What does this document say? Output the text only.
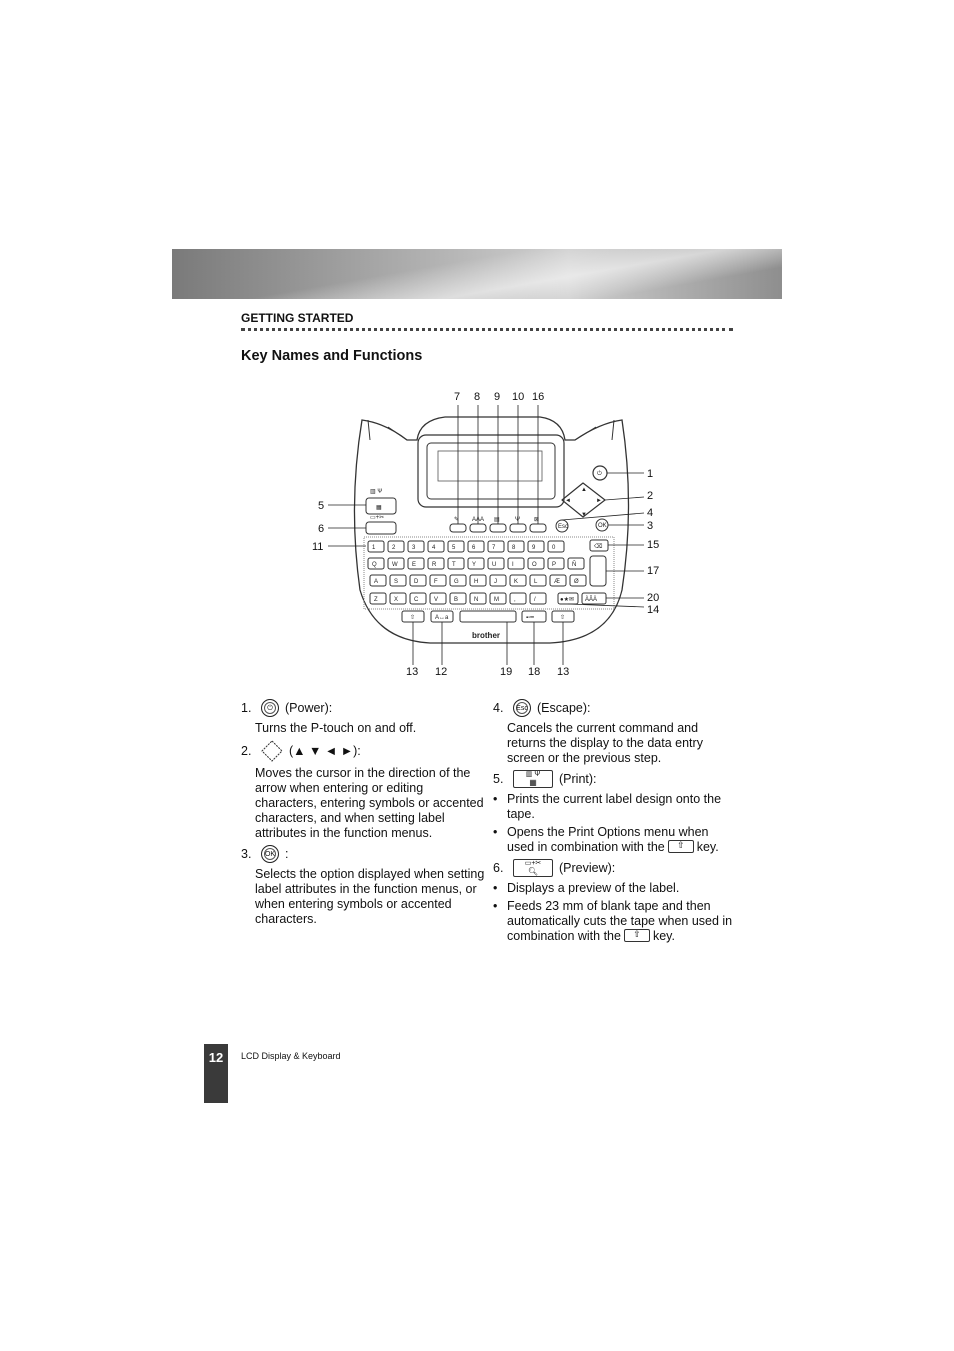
GETTING STARTED
Key Names and Functions
✎ AAA ▤	Ψ ⊠
▦
▥ Ψ
▭+✂
▲
▼
◄	►
⏻
OK
Esc
1	2	3	4	5	6	7	8	9	0
Q	W E	R	T	Y	U	I	O	P	Ñ
A	S	D	F	G	H	J	K	L	Æ Ø
Z	X	C	V	B	N	M	,	/
⌫
ÀÂÄ
●★✉
⇧	A↔a	▪▫━	⇧
brother
7 8 9 10 16
1
2
4
3
15
17
20
14
5
6
11
13 12	19 18 13
1.	⏻ (Power):
Turns the P-touch on and off.
2.	(▲ ▼ ◄ ►):
Moves the cursor in the direction of the arrow when entering or editing characters, entering symbols or accented characters, and when setting label attributes in the function menus.
3.	OK :
Selects the option displayed when setting label attributes in the function menus, or when entering symbols or accented characters.
4.	Esc (Escape):
Cancels the current command and returns the display to the data entry screen or the previous step.
5.	▥ Ψ
▦ (Print):
• Prints the current label design onto the tape.
• Opens the Print Options menu when used in combination with the ⇧	key.
6.	▭+✂
🔍︎ (Preview):
• Displays a preview of the label.
• Feeds 23 mm of blank tape and then automatically cuts the tape when used in combination with the ⇧	key.
12	LCD Display & Keyboard
